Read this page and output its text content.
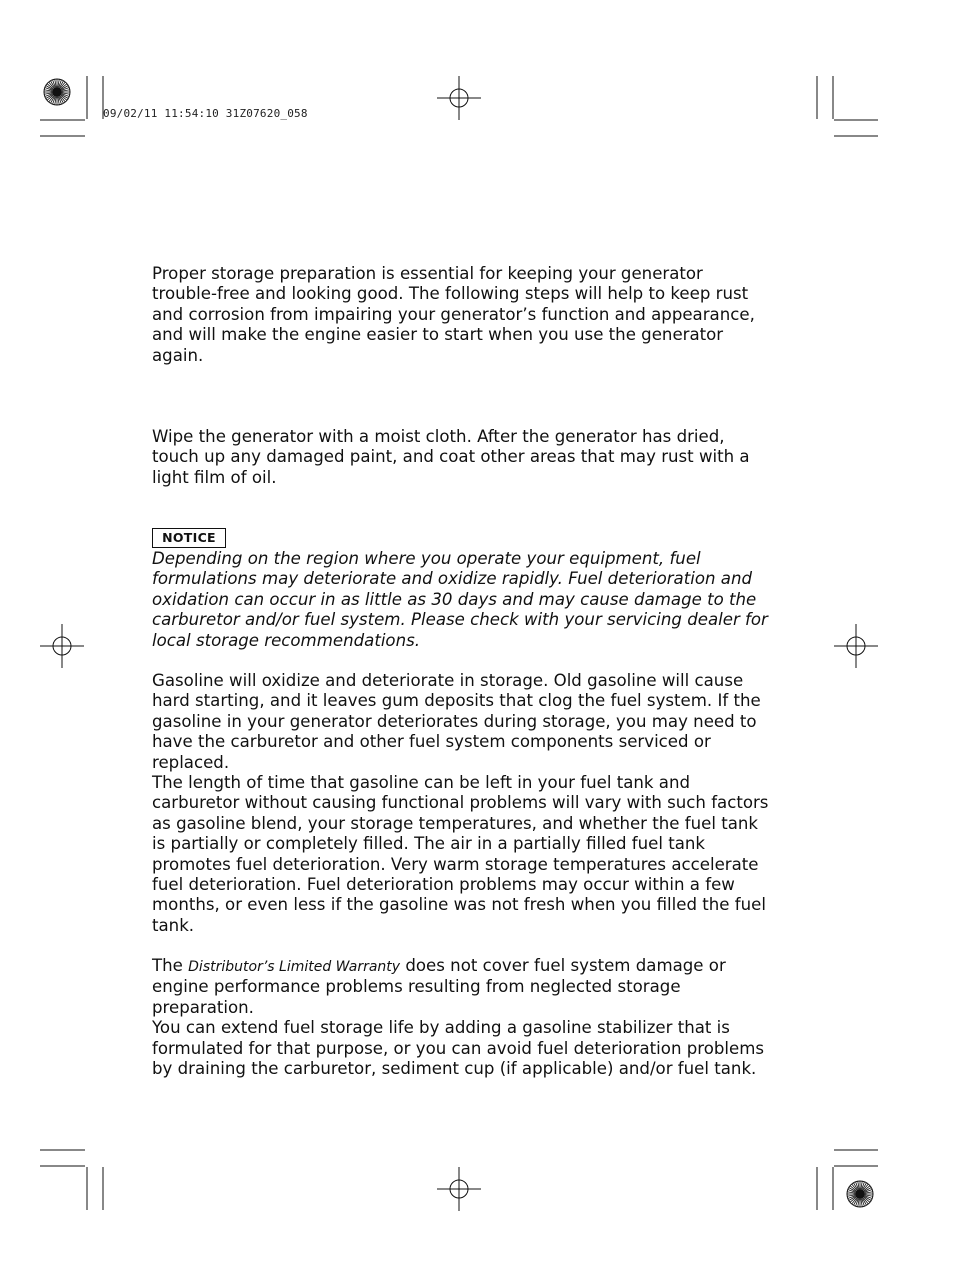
09/02/11 11:54:10 31Z07620_058

Proper storage preparation is essential for keeping your generator trouble-free and looking good. The following steps will help to keep rust and corrosion from impairing your generator’s function and appearance, and will make the engine easier to start when you use the generator again.

Wipe the generator with a moist cloth. After the generator has dried, touch up any damaged paint, and coat other areas that may rust with a light film of oil.

NOTICE

Depending on the region where you operate your equipment, fuel formulations may deteriorate and oxidize rapidly. Fuel deterioration and oxidation can occur in as little as 30 days and may cause damage to the carburetor and/or fuel system. Please check with your servicing dealer for local storage recommendations.

Gasoline will oxidize and deteriorate in storage. Old gasoline will cause hard starting, and it leaves gum deposits that clog the fuel system. If the gasoline in your generator deteriorates during storage, you may need to have the carburetor and other fuel system components serviced or replaced.

The length of time that gasoline can be left in your fuel tank and carburetor without causing functional problems will vary with such factors as gasoline blend, your storage temperatures, and whether the fuel tank is partially or completely filled. The air in a partially filled fuel tank promotes fuel deterioration. Very warm storage temperatures accelerate fuel deterioration. Fuel deterioration problems may occur within a few months, or even less if the gasoline was not fresh when you filled the fuel tank.

The Distributor’s Limited Warranty does not cover fuel system damage or engine performance problems resulting from neglected storage preparation.

You can extend fuel storage life by adding a gasoline stabilizer that is formulated for that purpose, or you can avoid fuel deterioration problems by draining the carburetor, sediment cup (if applicable) and/or fuel tank.
